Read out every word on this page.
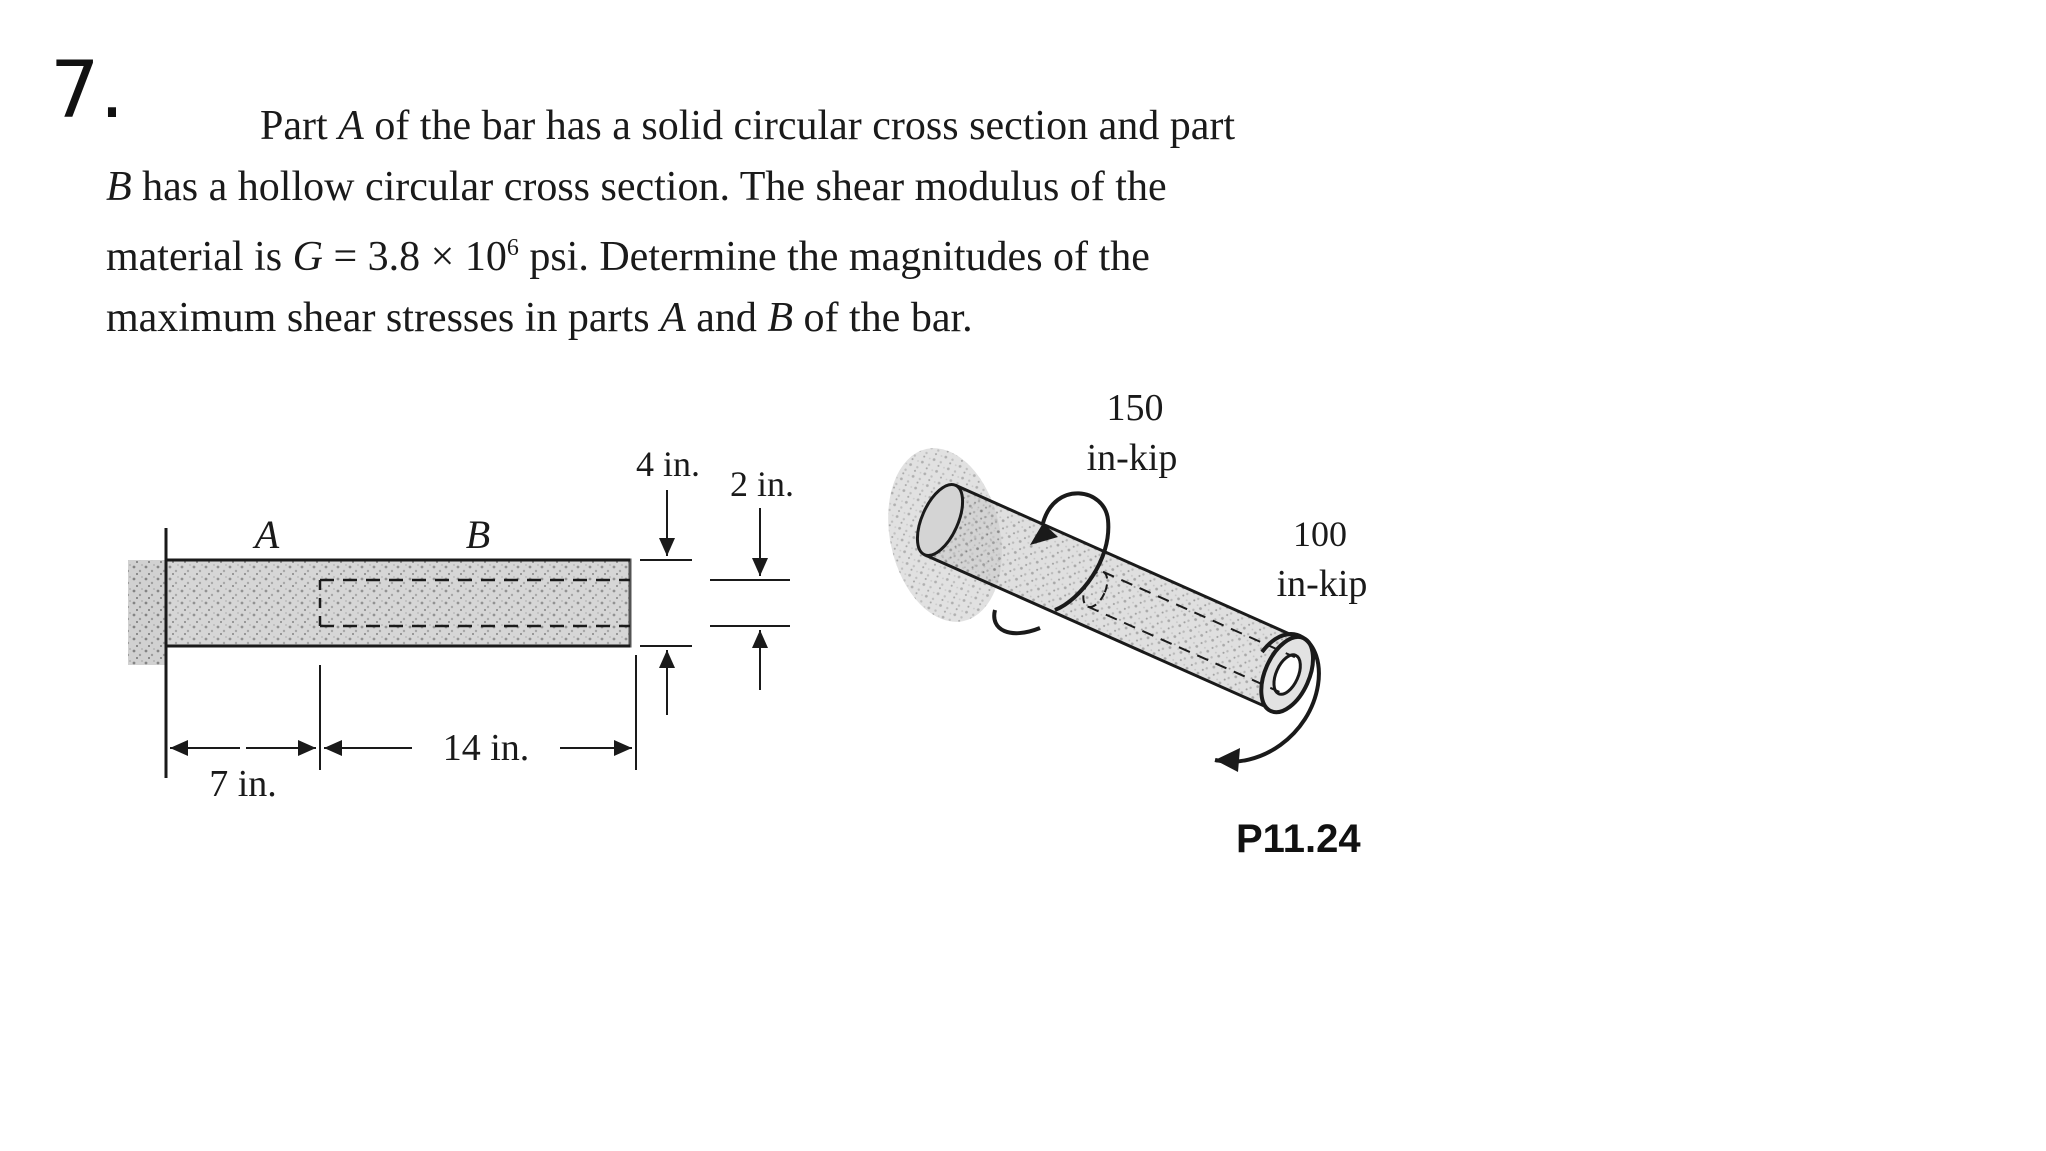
7.	Part A of the bar has a solid circular cross section and part
B has a hollow circular cross section. The shear modulus of the
material is $G = 3.8 \times 10^6$ psi. Determine the magnitudes of the
maximum shear stresses in parts A and B of the bar.

A	B
4 in. 2 in.
14 in.
7 in.
150
in-kip
100
in-kip
P11.24
